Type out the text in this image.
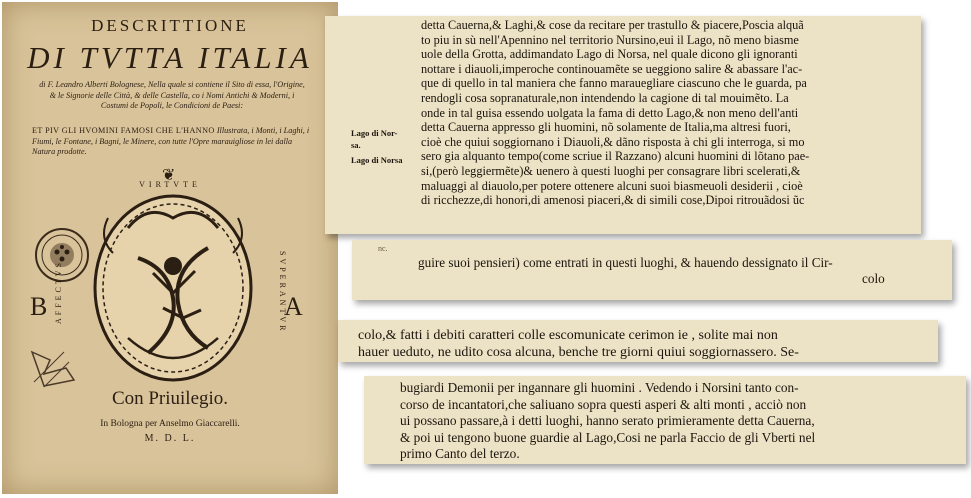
DESCRITTIONE
DI TVTTA ITALIA
di F. Leandro Alberti Bolognese, Nella quale si contiene il Sito di essa, l'Origine, & le Signorie delle Città, & delle Castella, co i Nomi Antichi & Moderni, i Costumi de Popoli, le Condicioni de Paesi:
ET PIV GLI HVOMINI FAMOSI CHE L'HANNO Illustrata, i Monti, i Laghi, i Fiumi, le Fontane, i Bagni, le Minere, con tutte l'Opre marauigliose in lei dalla Natura prodotte.
❦
VIRTVTE
AFFECTVS	SVPERANTVR
B	A
Con Priuilegio.
In Bologna per Anselmo Giaccarelli.
M. D. L.
Lago di Nor-
sa.
Lago di Norsa
detta Cauerna,& Laghi,& cose da recitare per trastullo & piacere,Poscia alquã
to piu in sù nell'Apennino nel territorio Nursino,eui il Lago, nõ meno biasme
uole della Grotta, addimandato Lago di Norsa, nel quale dicono gli ignoranti
nottare i diauoli,imperoche continouamẽte se ueggiono salire & abassare l'ac-
que di quello in tal maniera che fanno marauegliare ciascuno che le guarda, pa
rendogli cosa sopranaturale,non intendendo la cagione di tal mouimẽto. La
onde in tal guisa essendo uolgata la fama di detto Lago,& non meno dell'anti
detta Cauerna appresso gli huomini, nõ solamente de Italia,ma altresi fuori,
cioè che quiui soggiornano i Diauoli,& dãno risposta à chi gli interroga, si mo
sero gia alquanto tempo(come scriue il Razzano) alcuni huomini di lõtano pae-
si,(però leggiermẽte)& uenero à questi luoghi per consagrare libri scelerati,&
maluaggi al diauolo,per potere ottenere alcuni suoi biasmeuoli desiderii , cioè
di ricchezze,di honori,di amenosi piaceri,& di simili cose,Dipoi ritrouãdosi ũc
nc.
guire suoi pensieri) come entrati in questi luoghi, & hauendo dessignato il Cir-
colo
colo,& fatti i debiti caratteri colle escomunicate cerimon ie , solite mai non
hauer ueduto, ne udito cosa alcuna, benche tre giorni quiui soggiornassero. Se-
bugiardi Demonii per ingannare gli huomini . Vedendo i Norsini tanto con-
corso de incantatori,che saliuano sopra questi asperi & alti monti , acciò non
ui possano passare,à i detti luoghi, hanno serato primieramente detta Cauerna,
& poi ui tengono buone guardie al Lago,Cosi ne parla Faccio de gli Vberti nel
primo Canto del terzo.
